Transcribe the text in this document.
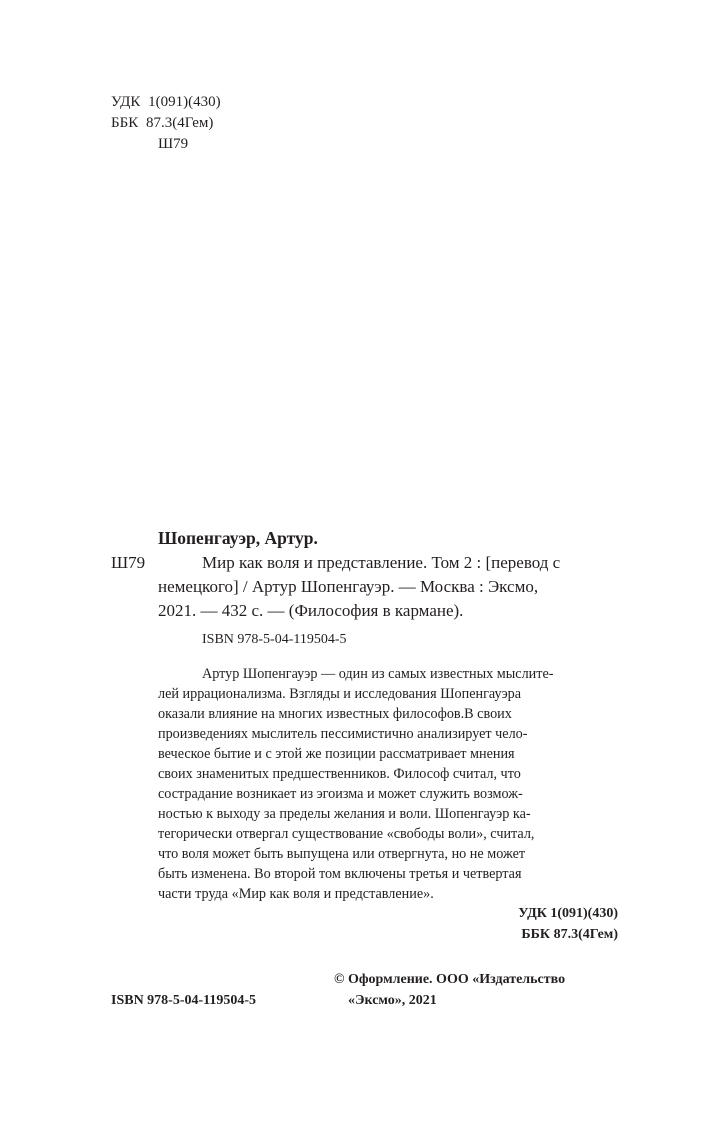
УДК 1(091)(430)
ББК 87.3(4Гем)
Ш79
Шопенгауэр, Артур.
Ш79	Мир как воля и представление. Том 2 : [перевод с
немецкого] / Артур Шопенгауэр. — Москва : Эксмо,
2021. — 432 с. — (Философия в кармане).
ISBN 978-5-04-119504-5
Артур Шопенгауэр — один из самых известных мыслите-
лей иррационализма. Взгляды и исследования Шопенгауэра
оказали влияние на многих известных философов.В своих
произведениях мыслитель пессимистично анализирует чело-
веческое бытие и с этой же позиции рассматривает мнения
своих знаменитых предшественников. Философ считал, что
сострадание возникает из эгоизма и может служить возмож-
ностью к выходу за пределы желания и воли. Шопенгауэр ка-
тегорически отвергал существование «свободы воли», считал,
что воля может быть выпущена или отвергнута, но не может
быть изменена. Во второй том включены третья и четвертая
части труда «Мир как воля и представление».
УДК 1(091)(430)
ББК 87.3(4Гем)
ISBN 978-5-04-119504-5
© Оформление. ООО «Издательство
«Эксмо», 2021
